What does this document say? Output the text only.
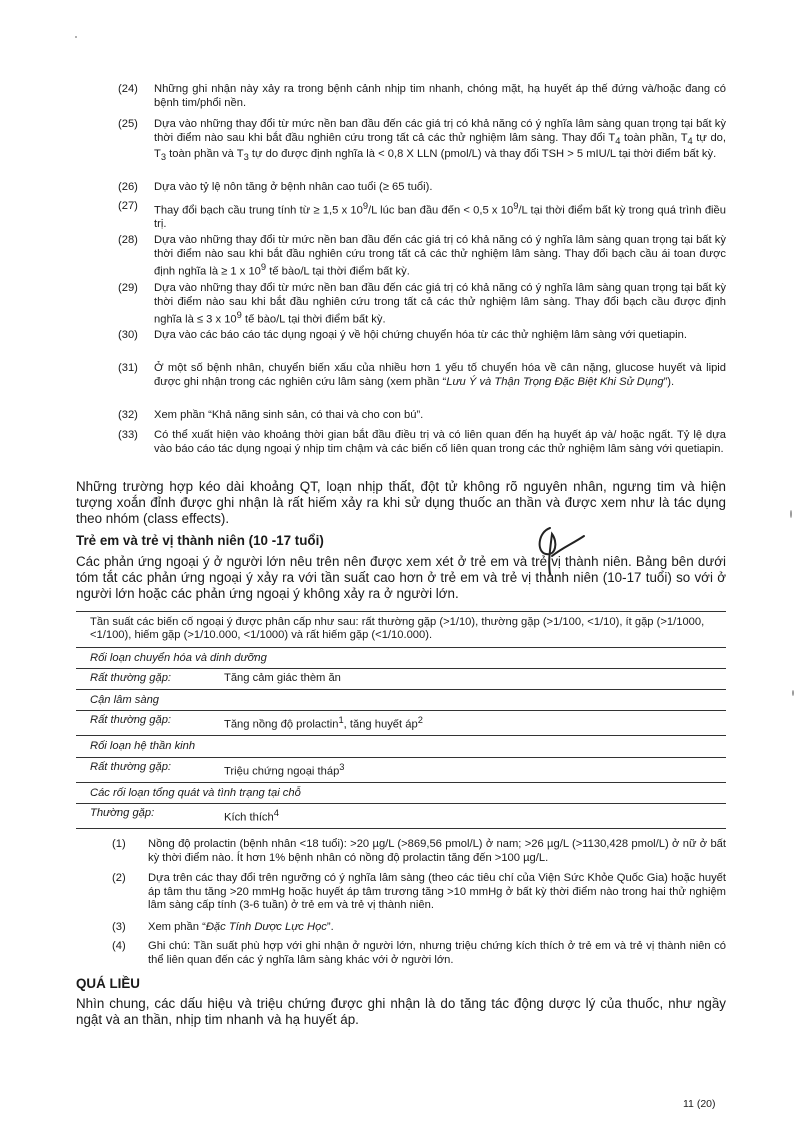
(24)	Những ghi nhận này xảy ra trong bệnh cảnh nhịp tim nhanh, chóng mặt, hạ huyết áp thế đứng và/hoặc đang có bệnh tim/phổi nền.
(25)	Dựa vào những thay đổi từ mức nền ban đầu đến các giá trị có khả năng có ý nghĩa lâm sàng quan trọng tại bất kỳ thời điểm nào sau khi bắt đầu nghiên cứu trong tất cả các thử nghiệm lâm sàng. Thay đổi $T_4$ toàn phần, $T_4$ tự do, $T_3$ toàn phần và $T_3$ tự do được định nghĩa là < 0,8 X LLN (pmol/L) và thay đổi TSH > 5 mIU/L tại thời điểm bất kỳ.
(26)	Dựa vào tỷ lệ nôn tăng ở bệnh nhân cao tuổi (≥ 65 tuổi).
(27)	Thay đổi bạch cầu trung tính từ ≥ 1,5 x $10^9/L$ lúc ban đầu đến < 0,5 x $10^9/L$ tại thời điểm bất kỳ trong quá trình điều trị.
(28)	Dựa vào những thay đổi từ mức nền ban đầu đến các giá trị có khả năng có ý nghĩa lâm sàng quan trọng tại bất kỳ thời điểm nào sau khi bắt đầu nghiên cứu trong tất cả các thử nghiệm lâm sàng. Thay đổi bạch cầu ái toan được định nghĩa là ≥ 1 x $10^9$ tế bào/L tại thời điểm bất kỳ.
(29)	Dựa vào những thay đổi từ mức nền ban đầu đến các giá trị có khả năng có ý nghĩa lâm sàng quan trọng tại bất kỳ thời điểm nào sau khi bắt đầu nghiên cứu trong tất cả các thử nghiệm lâm sàng. Thay đổi bạch cầu được định nghĩa là ≤ 3 x $10^9$ tế bào/L tại thời điểm bất kỳ.
(30)	Dựa vào các báo cáo tác dụng ngoại ý về hội chứng chuyển hóa từ các thử nghiệm lâm sàng với quetiapin.
(31)	Ở một số bệnh nhân, chuyển biến xấu của nhiều hơn 1 yếu tố chuyển hóa về cân nặng, glucose huyết và lipid được ghi nhận trong các nghiên cứu lâm sàng (xem phần “Lưu Ý và Thận Trọng Đặc Biệt Khi Sử Dụng”).
(32)	Xem phần “Khả năng sinh sản, có thai và cho con bú”.
(33)	Có thể xuất hiện vào khoảng thời gian bắt đầu điều trị và có liên quan đến hạ huyết áp và/ hoặc ngất. Tỷ lệ dựa vào báo cáo tác dụng ngoại ý nhịp tim chậm và các biến cố liên quan trong các thử nghiệm lâm sàng với quetiapin.

Những trường hợp kéo dài khoảng QT, loạn nhịp thất, đột tử không rõ nguyên nhân, ngưng tim và hiện tượng xoắn đỉnh được ghi nhận là rất hiếm xảy ra khi sử dụng thuốc an thần và được xem như là tác dụng theo nhóm (class effects).

Trẻ em và trẻ vị thành niên (10 -17 tuổi)

Các phản ứng ngoại ý ở người lớn nêu trên nên được xem xét ở trẻ em và trẻ vị thành niên. Bảng bên dưới tóm tắt các phản ứng ngoại ý xảy ra với tần suất cao hơn ở trẻ em và trẻ vị thành niên (10-17 tuổi) so với ở người lớn hoặc các phản ứng ngoại ý không xảy ra ở người lớn.

Tần suất các biến cố ngoại ý được phân cấp như sau: rất thường gặp (>1/10), thường gặp (>1/100, <1/10), ít gặp (>1/1000, <1/100), hiếm gặp (>1/10.000, <1/1000) và rất hiếm gặp (<1/10.000).	
Rối loạn chuyển hóa và dinh dưỡng	
Rất thường gặp:	Tăng cảm giác thèm ăn
Cận lâm sàng	
Rất thường gặp:	Tăng nồng độ prolactin$^1$, tăng huyết $áp^2$
Rối loạn hệ thần kinh	
Rất thường gặp:	Triệu chứng ngoại tháp$^3$
Các rối loạn tổng quát và tình trạng tại chỗ	
Thường gặp:	Kích thích$^4$
(1)	Nồng độ prolactin (bệnh nhân <18 tuổi): >20 µg/L (>869,56 pmol/L) ở nam; >26 µg/L (>1130,428 pmol/L) ở nữ ở bất kỳ thời điểm nào. Ít hơn 1% bệnh nhân có nồng độ prolactin tăng đến >100 µg/L.
(2)	Dựa trên các thay đổi trên ngưỡng có ý nghĩa lâm sàng (theo các tiêu chí của Viện Sức Khỏe Quốc Gia) hoặc huyết áp tâm thu tăng >20 mmHg hoặc huyết áp tâm trương tăng >10 mmHg ở bất kỳ thời điểm nào trong hai thử nghiệm lâm sàng cấp tính (3-6 tuần) ở trẻ em và trẻ vị thành niên.
(3)	Xem phần “Đặc Tính Dược Lực Học”.
(4)	Ghi chú: Tần suất phù hợp với ghi nhận ở người lớn, nhưng triệu chứng kích thích ở trẻ em và trẻ vị thành niên có thể liên quan đến các ý nghĩa lâm sàng khác với ở người lớn.
QUÁ LIỀU

Nhìn chung, các dấu hiệu và triệu chứng được ghi nhận là do tăng tác động dược lý của thuốc, như ngầy ngật và an thần, nhịp tim nhanh và hạ huyết áp.

11 (20)
